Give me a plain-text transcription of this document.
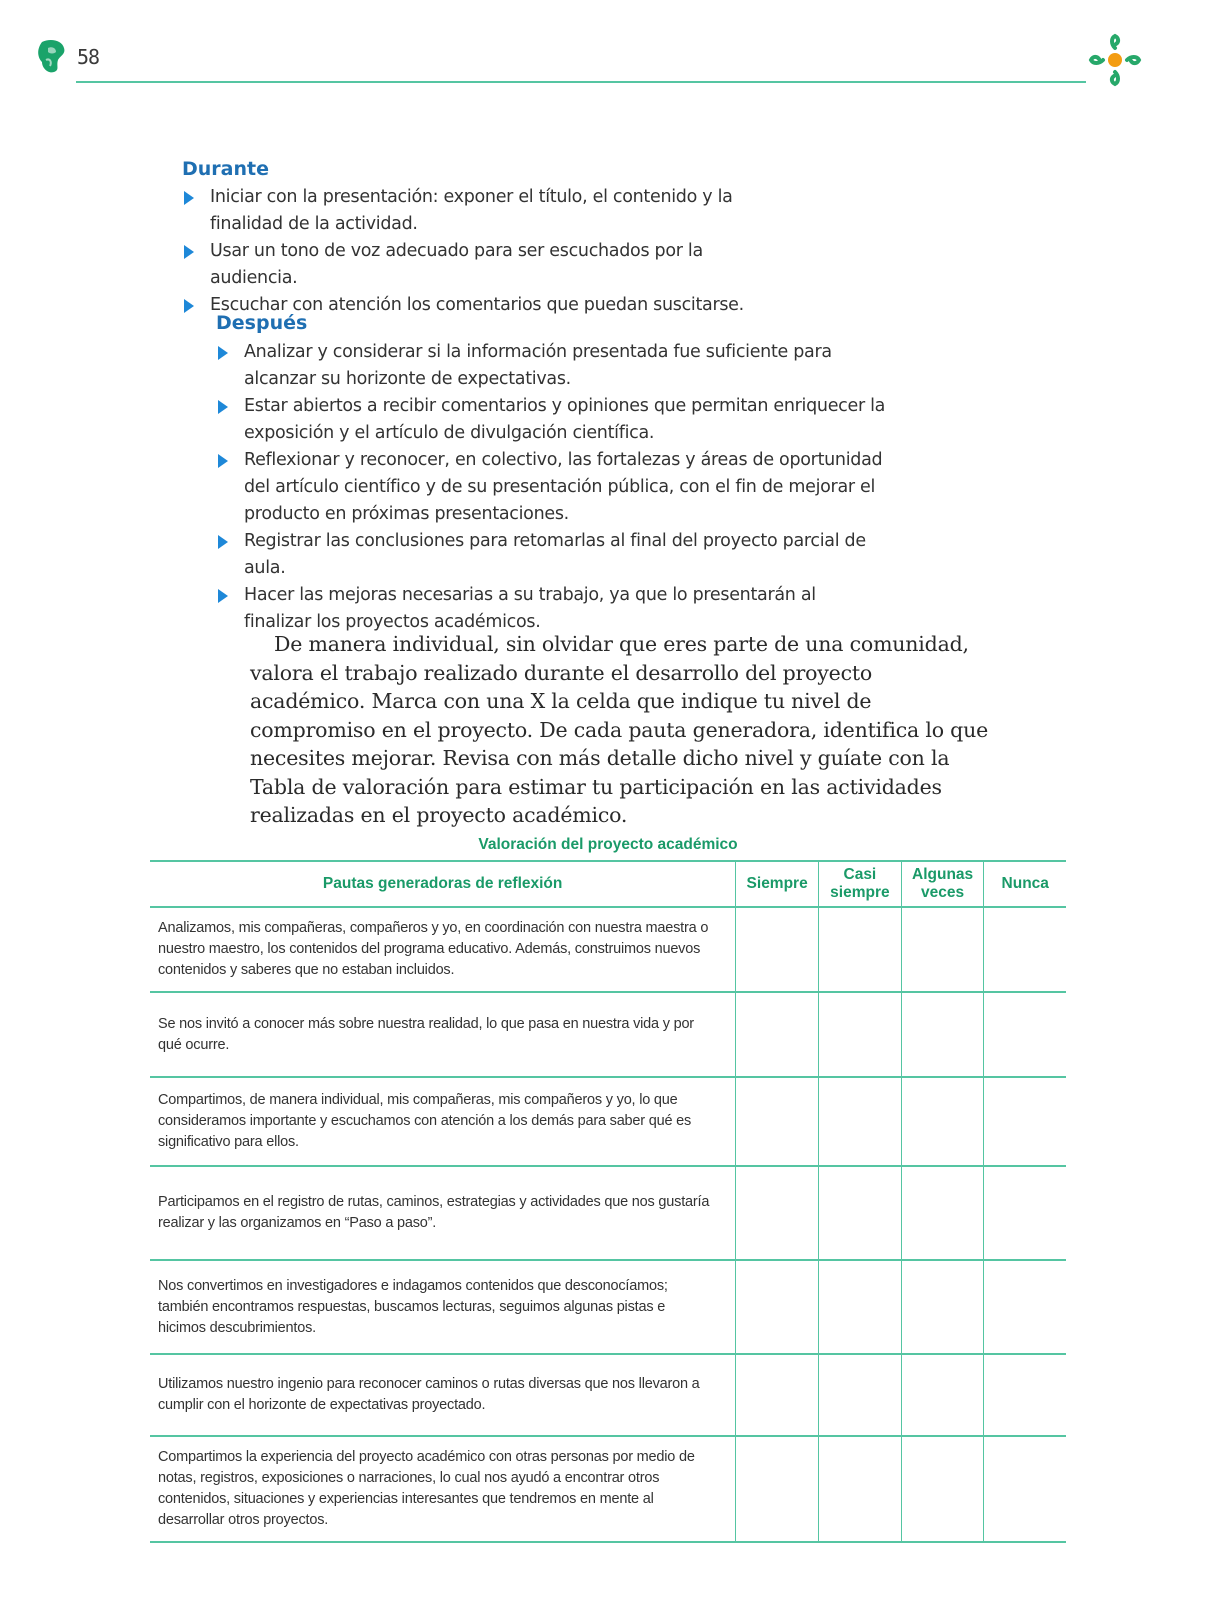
58
Durante
Iniciar con la presentación: exponer el título, el contenido y la finalidad de la actividad.
Usar un tono de voz adecuado para ser escuchados por la audiencia.
Escuchar con atención los comentarios que puedan suscitarse.
Después
Analizar y considerar si la información presentada fue suficiente para alcanzar su horizonte de expectativas.
Estar abiertos a recibir comentarios y opiniones que permitan enriquecer la exposición y el artículo de divulgación científica.
Reflexionar y reconocer, en colectivo, las fortalezas y áreas de oportunidad del artículo científico y de su presentación pública, con el fin de mejorar el producto en próximas presentaciones.
Registrar las conclusiones para retomarlas al final del proyecto parcial de aula.
Hacer las mejoras necesarias a su trabajo, ya que lo presentarán al finalizar los proyectos académicos.

De manera individual, sin olvidar que eres parte de una comunidad, valora el trabajo realizado durante el desarrollo del proyecto académico. Marca con una X la celda que indique tu nivel de compromiso en el proyecto. De cada pauta generadora, identifica lo que necesites mejorar. Revisa con más detalle dicho nivel y guíate con la Tabla de valoración para estimar tu participación en las actividades realizadas en el proyecto académico.

Valoración del proyecto académico
Pautas generadoras de reflexión	Siempre	Casi siempre	Algunas veces	Nunca
Analizamos, mis compañeras, compañeros y yo, en coordinación con nuestra maestra o nuestro maestro, los contenidos del programa educativo. Además, construimos nuevos contenidos y saberes que no estaban incluidos.				
Se nos invitó a conocer más sobre nuestra realidad, lo que pasa en nuestra vida y por qué ocurre.				
Compartimos, de manera individual, mis compañeras, mis compañeros y yo, lo que consideramos importante y escuchamos con atención a los demás para saber qué es significativo para ellos.				
Participamos en el registro de rutas, caminos, estrategias y actividades que nos gustaría realizar y las organizamos en “Paso a paso”.				
Nos convertimos en investigadores e indagamos contenidos que desconocíamos; también encontramos respuestas, buscamos lecturas, seguimos algunas pistas e hicimos descubrimientos.				
Utilizamos nuestro ingenio para reconocer caminos o rutas diversas que nos llevaron a cumplir con el horizonte de expectativas proyectado.				
Compartimos la experiencia del proyecto académico con otras personas por medio de notas, registros, exposiciones o narraciones, lo cual nos ayudó a encontrar otros contenidos, situaciones y experiencias interesantes que tendremos en mente al desarrollar otros proyectos.				
